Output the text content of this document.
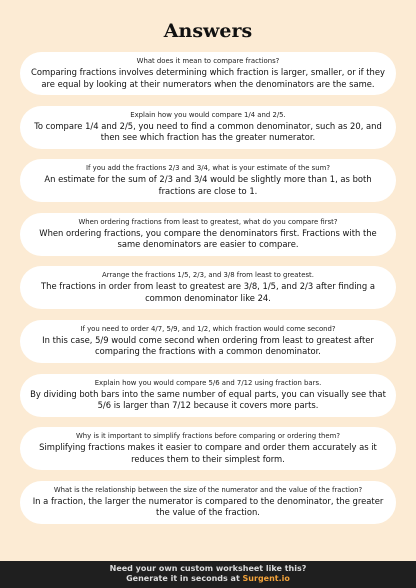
Answers
What does it mean to compare fractions?
Comparing fractions involves determining which fraction is larger, smaller, or if they are equal by looking at their numerators when the denominators are the same.
Explain how you would compare 1/4 and 2/5.
To compare 1/4 and 2/5, you need to find a common denominator, such as 20, and then see which fraction has the greater numerator.
If you add the fractions 2/3 and 3/4, what is your estimate of the sum?
An estimate for the sum of 2/3 and 3/4 would be slightly more than 1, as both fractions are close to 1.
When ordering fractions from least to greatest, what do you compare first?
When ordering fractions, you compare the denominators first. Fractions with the same denominators are easier to compare.
Arrange the fractions 1/5, 2/3, and 3/8 from least to greatest.
The fractions in order from least to greatest are 3/8, 1/5, and 2/3 after finding a common denominator like 24.
If you need to order 4/7, 5/9, and 1/2, which fraction would come second?
In this case, 5/9 would come second when ordering from least to greatest after comparing the fractions with a common denominator.
Explain how you would compare 5/6 and 7/12 using fraction bars.
By dividing both bars into the same number of equal parts, you can visually see that 5/6 is larger than 7/12 because it covers more parts.
Why is it important to simplify fractions before comparing or ordering them?
Simplifying fractions makes it easier to compare and order them accurately as it reduces them to their simplest form.
What is the relationship between the size of the numerator and the value of the fraction?
In a fraction, the larger the numerator is compared to the denominator, the greater the value of the fraction.
Need your own custom worksheet like this?
Generate it in seconds at Surgent.io
